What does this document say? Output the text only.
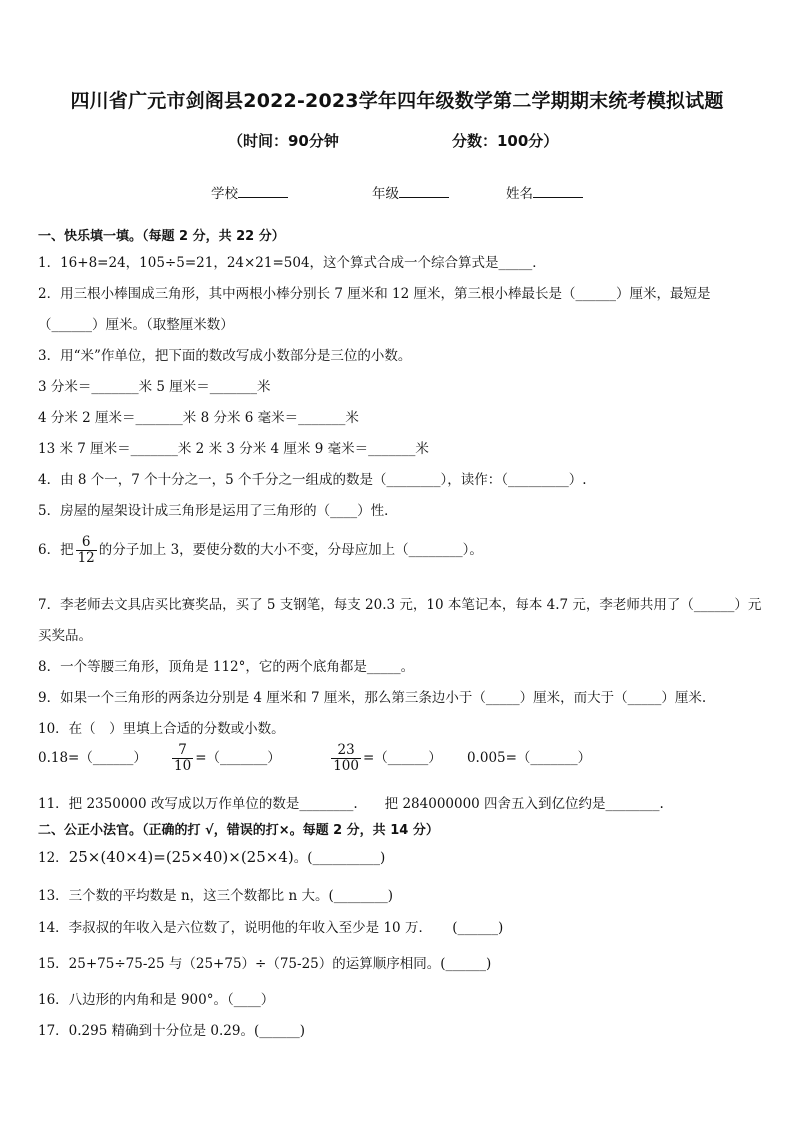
四川省广元市剑阁县2022-2023学年四年级数学第二学期期末统考模拟试题
（时间：90分钟	分数：100分）
学校	年级	姓名
一、快乐填一填。（每题 2 分，共 22 分）
1．16+8=24，105÷5=21，24×21=504，这个算式合成一个综合算式是_____．
2．用三根小棒围成三角形，其中两根小棒分别长 7 厘米和 12 厘米，第三根小棒最长是（______）厘米，最短是
（______）厘米。（取整厘米数）
3．用“米”作单位，把下面的数改写成小数部分是三位的小数。
3 分米＝_______米 5 厘米＝_______米
4 分米 2 厘米＝_______米 8 分米 6 毫米＝_______米
13 米 7 厘米＝_______米 2 米 3 分米 4 厘米 9 毫米＝_______米
4．由 8 个一，7 个十分之一，5 个千分之一组成的数是（________），读作：（_________）.
5．房屋的屋架设计成三角形是运用了三角形的（____）性．
6．把 $\frac{6}{12}$ 的分子加上 3，要使分数的大小不变，分母应加上（________）。
7．李老师去文具店买比赛奖品，买了 5 支钢笔，每支 20.3 元，10 本笔记本，每本 4.7 元，李老师共用了（______）元
买奖品。
8．一个等腰三角形，顶角是 112°，它的两个底角都是_____。
9．如果一个三角形的两条边分别是 4 厘米和 7 厘米，那么第三条边小于（_____）厘米，而大于（_____）厘米.
10．在（　）里填上合适的分数或小数。
0.18=（______） $\frac{7}{10}$ =（_______）	$\frac{23}{100}$ =（______） 0.005=（_______）
11．把 2350000 改写成以万作单位的数是________.　　把 284000000 四舍五入到亿位约是________.
二、公正小法官。（正确的打 √，错误的打×。每题 2 分，共 14 分）
12．25×(40×4)=(25×40)×(25×4)。(__________)
13．三个数的平均数是 n，这三个数都比 n 大。(________)
14．李叔叔的年收入是六位数了，说明他的年收入至少是 10 万．　　(______)
15．25+75÷75-25 与（25+75）÷（75-25）的运算顺序相同。(______)
16．八边形的内角和是 900°。（____）
17．0.295 精确到十分位是 0.29。(______)
